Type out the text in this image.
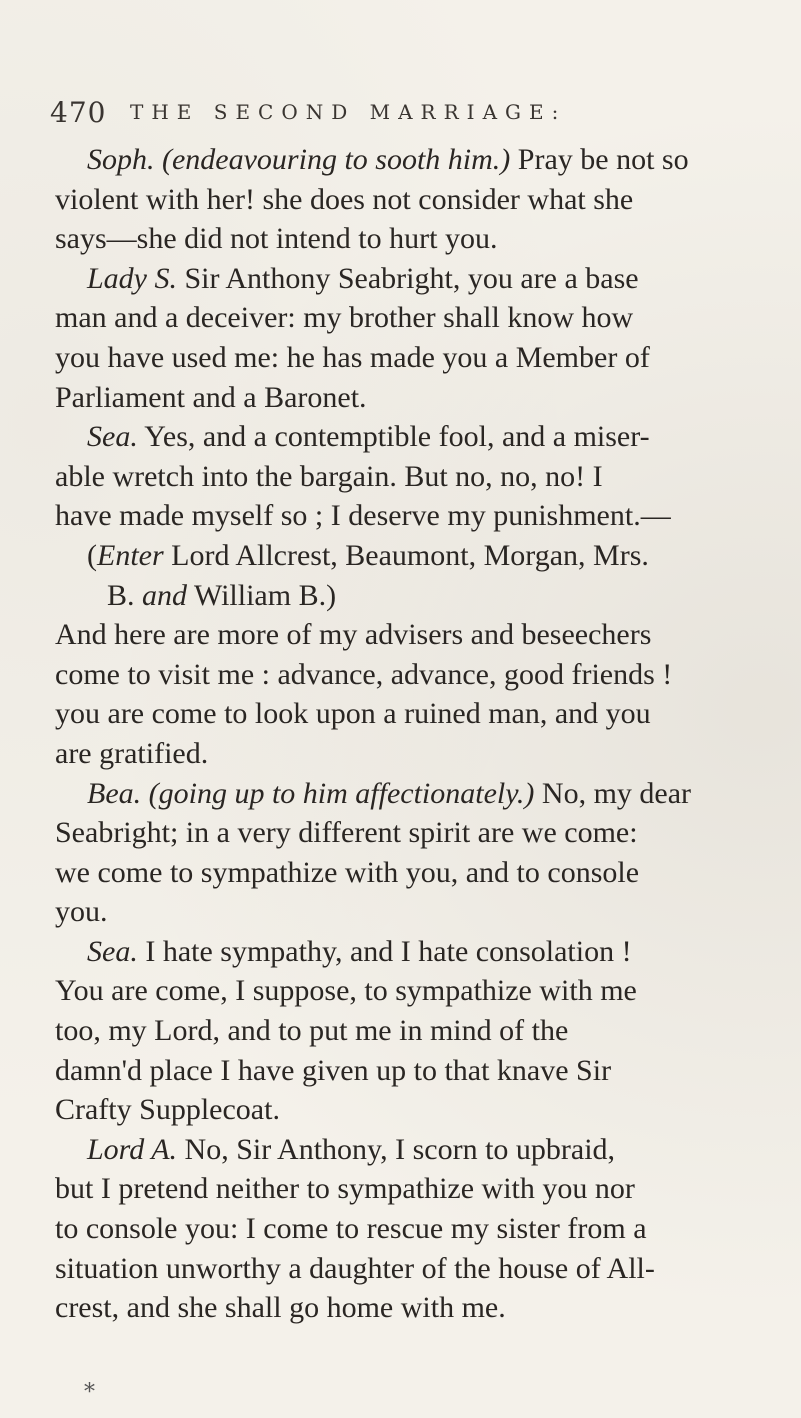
470 THE SECOND MARRIAGE:
Soph. (endeavouring to sooth him.) Pray be not so
violent with her! she does not consider what she
says—she did not intend to hurt you.
Lady S. Sir Anthony Seabright, you are a base
man and a deceiver: my brother shall know how
you have used me: he has made you a Member of
Parliament and a Baronet.
Sea. Yes, and a contemptible fool, and a miser-
able wretch into the bargain. But no, no, no! I
have made myself so ; I deserve my punishment.—
(Enter Lord Allcrest, Beaumont, Morgan, Mrs.
B. and William B.)
And here are more of my advisers and beseechers
come to visit me : advance, advance, good friends !
you are come to look upon a ruined man, and you
are gratified.
Bea. (going up to him affectionately.) No, my dear
Seabright; in a very different spirit are we come:
we come to sympathize with you, and to console
you.
Sea. I hate sympathy, and I hate consolation !
You are come, I suppose, to sympathize with me
too, my Lord, and to put me in mind of the
damn'd place I have given up to that knave Sir
Crafty Supplecoat.
Lord A. No, Sir Anthony, I scorn to upbraid,
but I pretend neither to sympathize with you nor
to console you: I come to rescue my sister from a
situation unworthy a daughter of the house of All-
crest, and she shall go home with me.
*
